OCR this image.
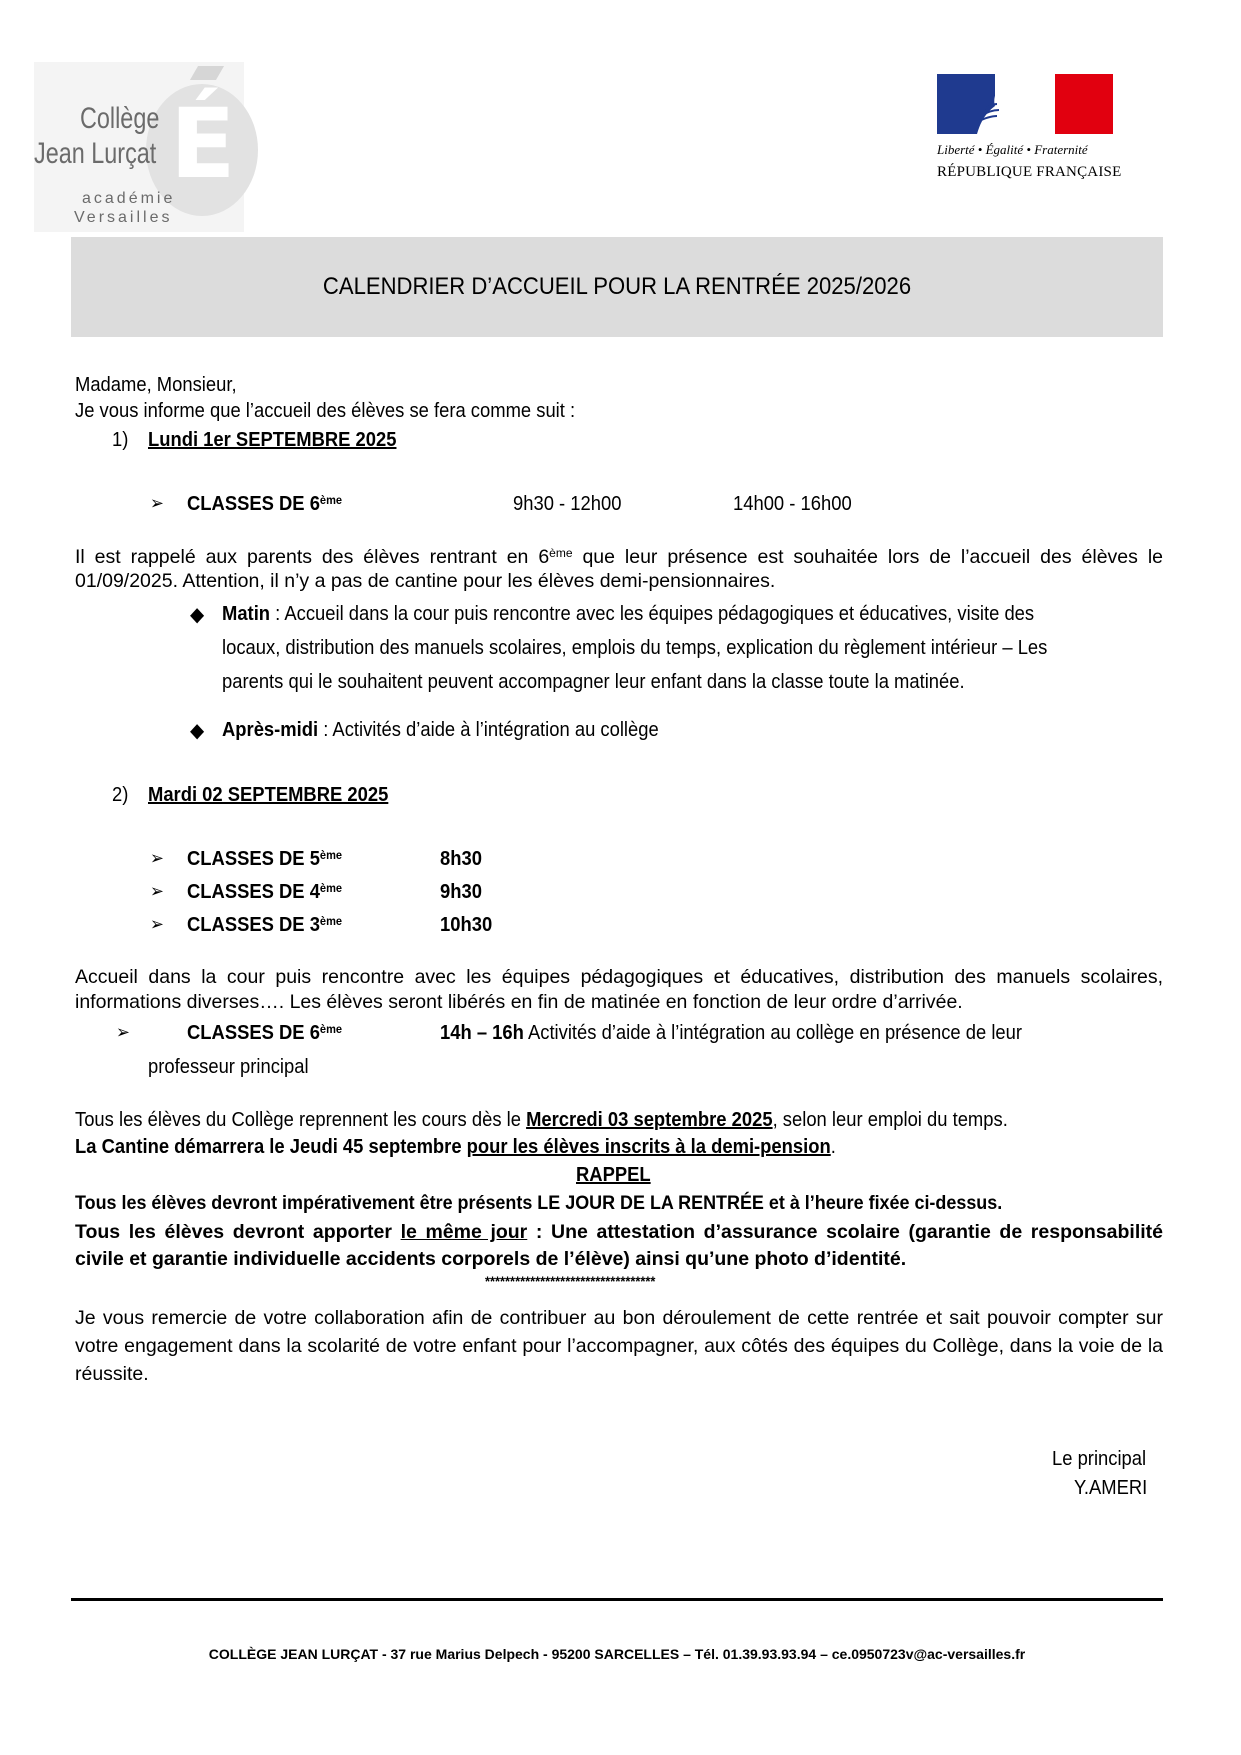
É
Collège
Jean Lurçat
académie
Versailles
Liberté • Égalité • Fraternité
RÉPUBLIQUE FRANÇAISE
CALENDRIER D’ACCUEIL POUR LA RENTRÉE 2025/2026
Madame, Monsieur,
Je vous informe que l’accueil des élèves se fera comme suit :
1) Lundi 1er SEPTEMBRE 2025
➢ CLASSES DE 6ème	9h30 - 12h00	14h00 - 16h00
Il est rappelé aux parents des élèves rentrant en 6ème que leur présence est souhaitée lors de l’accueil des élèves le 01/09/2025. Attention, il n’y a pas de cantine pour les élèves demi-pensionnaires.
◆ Matin : Accueil dans la cour puis rencontre avec les équipes pédagogiques et éducatives, visite des
locaux, distribution des manuels scolaires, emplois du temps, explication du règlement intérieur – Les
parents qui le souhaitent peuvent accompagner leur enfant dans la classe toute la matinée.
◆ Après-midi : Activités d’aide à l’intégration au collège
2) Mardi 02 SEPTEMBRE 2025
➢ CLASSES DE 5ème	8h30
➢ CLASSES DE 4ème	9h30
➢ CLASSES DE 3ème	10h30
Accueil dans la cour puis rencontre avec les équipes pédagogiques et éducatives, distribution des manuels scolaires, informations diverses…. Les élèves seront libérés en fin de matinée en fonction de leur ordre d’arrivée.
➢	CLASSES DE 6ème	14h – 16h Activités d’aide à l’intégration au collège en présence de leur
professeur principal
Tous les élèves du Collège reprennent les cours dès le Mercredi 03 septembre 2025, selon leur emploi du temps.
La Cantine démarrera le Jeudi 45 septembre pour les élèves inscrits à la demi-pension.
RAPPEL
Tous les élèves devront impérativement être présents LE JOUR DE LA RENTRÉE et à l’heure fixée ci-dessus.
Tous les élèves devront apporter le même jour : Une attestation d’assurance scolaire (garantie de responsabilité civile et garantie individuelle accidents corporels de l’élève) ainsi qu’une photo d’identité.
**********************************
Je vous remercie de votre collaboration afin de contribuer au bon déroulement de cette rentrée et sait pouvoir compter sur votre engagement dans la scolarité de votre enfant pour l’accompagner, aux côtés des équipes du Collège, dans la voie de la réussite.
Le principal
Y.AMERI
COLLÈGE JEAN LURÇAT - 37 rue Marius Delpech - 95200 SARCELLES – Tél. 01.39.93.93.94 – ce.0950723v@ac-versailles.fr
